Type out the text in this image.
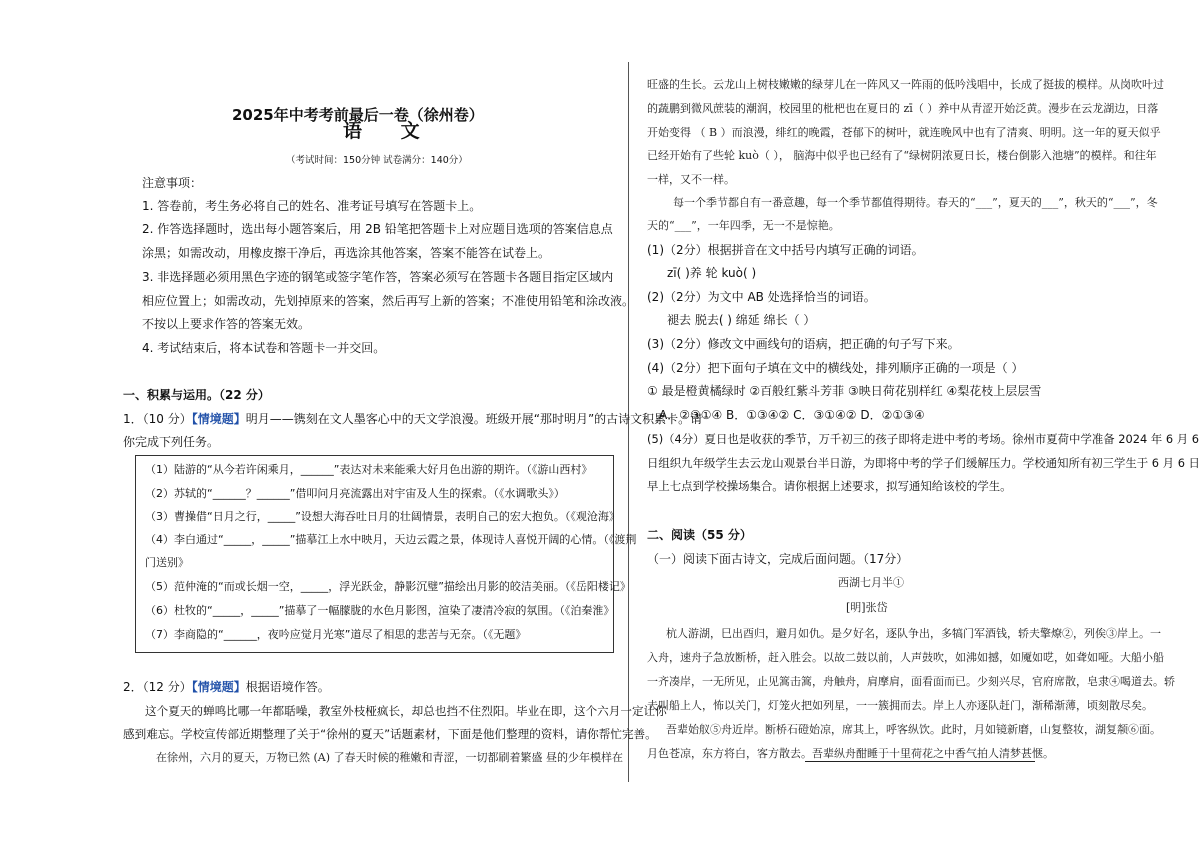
2025年中考考前最后一卷（徐州卷）
语 文
（考试时间：150分钟 试卷满分：140分）
注意事项：
1. 答卷前，考生务必将自己的姓名、准考证号填写在答题卡上。
2. 作答选择题时，选出每小题答案后，用 2B 铅笔把答题卡上对应题目选项的答案信息点
涂黑；如需改动，用橡皮擦干净后，再选涂其他答案，答案不能答在试卷上。
3. 非选择题必须用黑色字迹的钢笔或签字笔作答，答案必须写在答题卡各题目指定区域内
相应位置上；如需改动，先划掉原来的答案，然后再写上新的答案；不准使用铅笔和涂改液。
不按以上要求作答的答案无效。
4. 考试结束后，将本试卷和答题卡一并交回。
一、积累与运用。（22 分）
1．（10 分）【情境题】明月——镌刻在文人墨客心中的天文学浪漫。班级开展“那时明月”的古诗文积累卡。请
你完成下列任务。
（1）陆游的“从今若许闲乘月，______”表达对未来能乘大好月色出游的期许。（《游山西村》
（2）苏轼的“______？______”借叩问月亮流露出对宇宙及人生的探索。（《水调歌头》）
（3）曹操借“日月之行，_____”设想大海吞吐日月的壮阔情景，表明自己的宏大抱负。（《观沧海》
（4）李白通过“_____，_____”描摹江上水中映月，天边云霞之景，体现诗人喜悦开阔的心情。（《渡荆
门送别》
（5）范仲淹的“而或长烟一空，_____，浮光跃金，静影沉璧”描绘出月影的皎洁美丽。（《岳阳楼记》
（6）杜牧的“_____，_____”描摹了一幅朦胧的水色月影图，渲染了凄清冷寂的氛围。（《泊秦淮》
（7）李商隐的“______，夜吟应觉月光寒”道尽了相思的悲苦与无奈。（《无题》
2．（12 分）【情境题】根据语境作答。
这个夏天的蝉鸣比哪一年都聒噪，教室外枝桠疯长，却总也挡不住烈阳。毕业在即，这个六月一定让你
感到难忘。学校宣传部近期整理了关于“徐州的夏天”话题素材，下面是他们整理的资料，请你帮忙完善。
在徐州，六月的夏天，万物已然 (A) 了春天时候的稚嫩和青涩，一切都刷着繁盛 昼的少年模样在
旺盛的生长。云龙山上树枝嫩嫩的绿芽儿在一阵风又一阵雨的低吟浅唱中，长成了挺拔的模样。从岗吹叶过
的蔬鹏到微风蔗装的潮润，校园里的枇杷也在夏日的 zī（ ）养中从青涩开始泛黄。漫步在云龙湖边，日落
开始变得 （ B ）而浪漫，绯红的晚霞，苍郁下的树叶，就连晚风中也有了清爽、明明。这一年的夏天似乎
已经开始有了些轮 kuò（ ）， 脑海中似乎也已经有了“绿树阴浓夏日长，楼台倒影入池塘”的模样。和往年
一样，又不一样。
每一个季节都自有一番意趣，每一个季节都值得期待。春天的“___”，夏天的___”，秋天的“___”，冬
天的“___”，一年四季，无一不是惊艳。
(1)（2分）根据拼音在文中括号内填写正确的词语。
zī( )养 轮 kuò( )
(2)（2分）为文中 AB 处选择恰当的词语。
褪去 脱去( ) 绵延 绵长（ ）
(3)（2分）修改文中画线句的语病，把正确的句子写下来。
(4)（2分）把下面句子填在文中的横线处，排列顺序正确的一项是（ ）
① 最是橙黄橘绿时 ②百般红紫斗芳菲 ③映日荷花别样红 ④梨花枝上层层雪
A．②③①④ B．①③④② C．③①④② D．②①③④
(5)（4分）夏日也是收获的季节，万千初三的孩子即将走进中考的考场。徐州市夏荷中学准备 2024 年 6 月 6
日组织九年级学生去云龙山观景台半日游，为即将中考的学子们缓解压力。学校通知所有初三学生于 6 月 6 日
早上七点到学校操场集合。请你根据上述要求，拟写通知给该校的学生。
二、阅读（55 分）
（一）阅读下面古诗文，完成后面问题。（17分）
西湖七月半①
[明]张岱
杭人游湖，巳出酉归，避月如仇。是夕好名，逐队争出，多犒门军酒钱，轿夫擎燎②，列俟③岸上。一
入舟，速舟子急放断桥，赶入胜会。以故二鼓以前，人声鼓吹，如沸如撼，如魇如呓，如聋如哑。大船小船
一齐凑岸，一无所见，止见篙击篙，舟触舟，肩摩肩，面看面而已。少刻兴尽，官府席散，皂隶④喝道去。轿
夫叫船上人，怖以关门，灯笼火把如列星，一一簇拥而去。岸上人亦逐队赶门，渐稀渐薄，顷刻散尽矣。
吾辈始舣⑤舟近岸。断桥石磴始凉，席其上，呼客纵饮。此时，月如镜新磨，山复整妆，湖复颒⑥面。
月色苍凉，东方将白，客方散去。吾辈纵舟酣睡于十里荷花之中香气拍人清梦甚惬。
